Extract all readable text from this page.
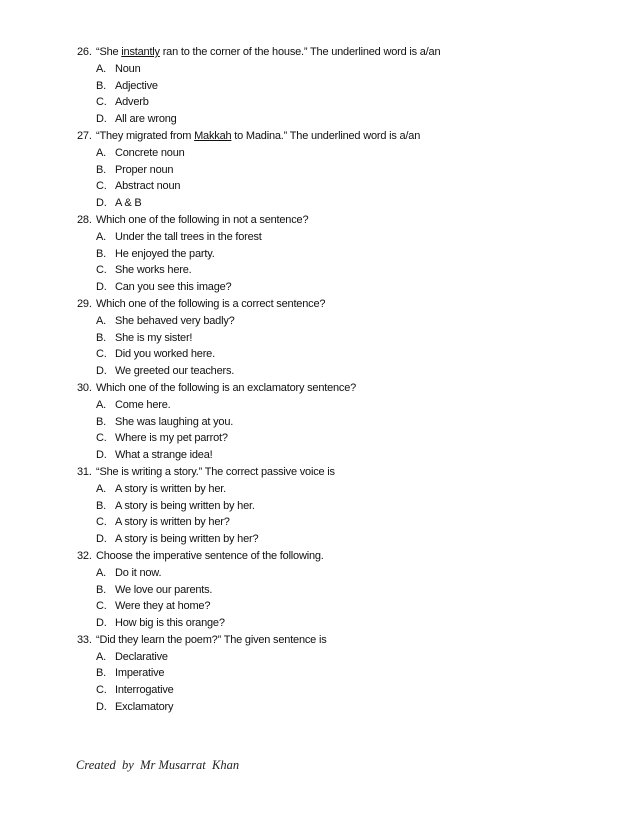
26. “She instantly ran to the corner of the house.” The underlined word is a/an
A. Noun
B. Adjective
C. Adverb
D. All are wrong
27. “They migrated from Makkah to Madina.” The underlined word is a/an
A. Concrete noun
B. Proper noun
C. Abstract noun
D. A & B
28. Which one of the following in not a sentence?
A. Under the tall trees in the forest
B. He enjoyed the party.
C. She works here.
D. Can you see this image?
29. Which one of the following is a correct sentence?
A. She behaved very badly?
B. She is my sister!
C. Did you worked here.
D. We greeted our teachers.
30. Which one of the following is an exclamatory sentence?
A. Come here.
B. She was laughing at you.
C. Where is my pet parrot?
D. What a strange idea!
31. “She is writing a story.” The correct passive voice is
A. A story is written by her.
B. A story is being written by her.
C. A story is written by her?
D. A story is being written by her?
32. Choose the imperative sentence of the following.
A. Do it now.
B. We love our parents.
C. Were they at home?
D. How big is this orange?
33. “Did they learn the poem?” The given sentence is
A. Declarative
B. Imperative
C. Interrogative
D. Exclamatory
Created  by  Mr Musarrat  Khan
